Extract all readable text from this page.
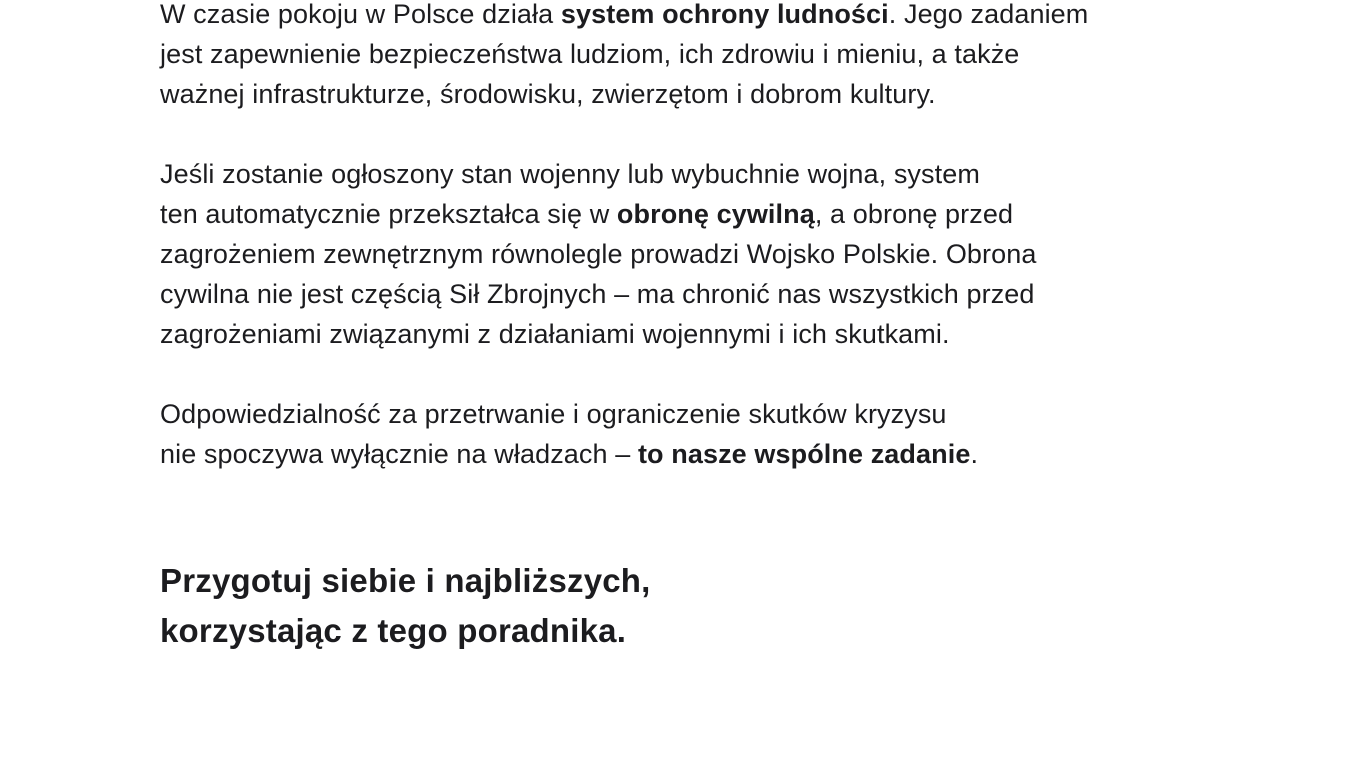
W czasie pokoju w Polsce działa system ochrony ludności. Jego zadaniem
jest zapewnienie bezpieczeństwa ludziom, ich zdrowiu i mieniu, a także
ważnej infrastrukturze, środowisku, zwierzętom i dobrom kultury.

Jeśli zostanie ogłoszony stan wojenny lub wybuchnie wojna, system
ten automatycznie przekształca się w obronę cywilną, a obronę przed
zagrożeniem zewnętrznym równolegle prowadzi Wojsko Polskie. Obrona
cywilna nie jest częścią Sił Zbrojnych – ma chronić nas wszystkich przed
zagrożeniami związanymi z działaniami wojennymi i ich skutkami.

Odpowiedzialność za przetrwanie i ograniczenie skutków kryzysu
nie spoczywa wyłącznie na władzach – to nasze wspólne zadanie.

Przygotuj siebie i najbliższych,
korzystając z tego poradnika.
